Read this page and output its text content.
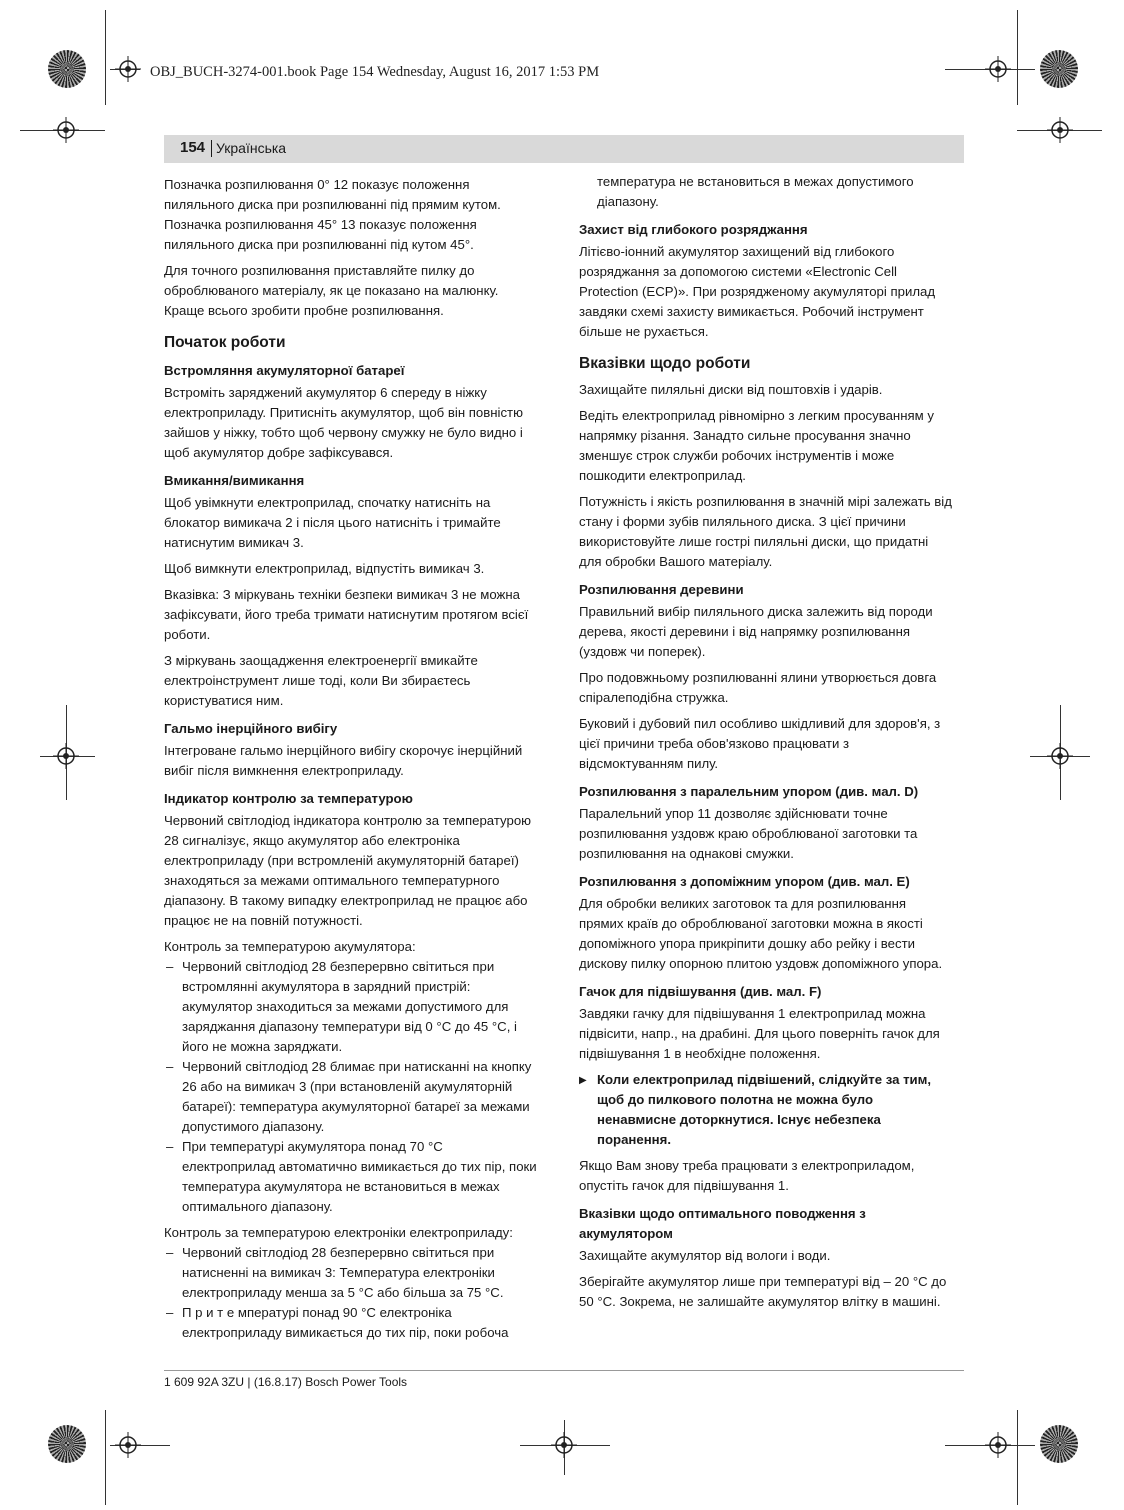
OBJ_BUCH-3274-001.book Page 154 Wednesday, August 16, 2017 1:53 PM
154 Українська

Позначка розпилювання 0° 12 показує положення пиляльного диска при розпилюванні під прямим кутом. Позначка розпилювання 45° 13 показує положення пиляльного диска при розпилюванні під кутом 45°.

Для точного розпилювання приставляйте пилку до оброблюваного матеріалу, як це показано на малюнку. Краще всього зробити пробне розпилювання.

Початок роботи
Встромляння акумуляторної батареї

Встроміть заряджений акумулятор 6 спереду в ніжку електроприладу. Притисніть акумулятор, щоб він повністю зайшов у ніжку, тобто щоб червону смужку не було видно і щоб акумулятор добре зафіксувався.

Вмикання/вимикання

Щоб увімкнути електроприлад, спочатку натисніть на блокатор вимикача 2 і після цього натисніть і тримайте натиснутим вимикач 3.

Щоб вимкнути електроприлад, відпустіть вимикач 3.

Вказівка: З міркувань техніки безпеки вимикач 3 не можна зафіксувати, його треба тримати натиснутим протягом всієї роботи.

З міркувань заощадження електроенергії вмикайте електроінструмент лише тоді, коли Ви збираєтесь користуватися ним.

Гальмо інерційного вибігу

Інтегроване гальмо інерційного вибігу скорочує інерційний вибіг після вимкнення електроприладу.

Індикатор контролю за температурою

Червоний світлодіод індикатора контролю за температурою 28 сигналізує, якщо акумулятор або електроніка електроприладу (при встромленій акумуляторній батареї) знаходяться за межами оптимального температурного діапазону. В такому випадку електроприлад не працює або працює не на повній потужності.

Контроль за температурою акумулятора:

– Червоний світлодіод 28 безперервно світиться при встромлянні акумулятора в зарядний пристрій: акумулятор знаходиться за межами допустимого для заряджання діапазону температури від 0 °C до 45 °C, і його не можна заряджати.
– Червоний світлодіод 28 блимає при натисканні на кнопку 26 або на вимикач 3 (при встановленій акумуляторній батареї): температура акумуляторної батареї за межами допустимого діапазону.
– При температурі акумулятора понад 70 °C електроприлад автоматично вимикається до тих пір, поки температура акумулятора не встановиться в межах оптимального діапазону.

Контроль за температурою електроніки електроприладу:

– Червоний світлодіод 28 безперервно світиться при натисненні на вимикач 3: Температура електроніки електроприладу менша за 5 °C або більша за 75 °C.
– П р и т е мпературі понад 90 °C електроніка електроприладу вимикається до тих пір, поки робоча

температура не встановиться в межах допустимого діапазону.

Захист від глибокого розряджання

Літієво-іонний акумулятор захищений від глибокого розряджання за допомогою системи «Electronic Cell Protection (ECP)». При розрядженому акумуляторі прилад завдяки схемі захисту вимикається. Робочий інструмент більше не рухається.

Вказівки щодо роботи

Захищайте пиляльні диски від поштовхів і ударів.

Ведіть електроприлад рівномірно з легким просуванням у напрямку різання. Занадто сильне просування значно зменшує строк служби робочих інструментів і може пошкодити електроприлад.

Потужність і якість розпилювання в значній мірі залежать від стану і форми зубів пиляльного диска. З цієї причини використовуйте лише гострі пиляльні диски, що придатні для обробки Вашого матеріалу.

Розпилювання деревини

Правильний вибір пиляльного диска залежить від породи дерева, якості деревини і від напрямку розпилювання (уздовж чи поперек).

Про подовжньому розпилюванні ялини утворюється довга спіралеподібна стружка.

Буковий і дубовий пил особливо шкідливий для здоров'я, з цієї причини треба обов'язково працювати з відсмоктуванням пилу.

Розпилювання з паралельним упором (див. мал. D)

Паралельний упор 11 дозволяє здійснювати точне розпилювання уздовж краю оброблюваної заготовки та розпилювання на однакові смужки.

Розпилювання з допоміжним упором (див. мал. E)

Для обробки великих заготовок та для розпилювання прямих країв до оброблюваної заготовки можна в якості допоміжного упора прикріпити дошку або рейку і вести дискову пилку опорною плитою уздовж допоміжного упора.

Гачок для підвішування (див. мал. F)

Завдяки гачку для підвішування 1 електроприлад можна підвісити, напр., на драбині. Для цього поверніть гачок для підвішування 1 в необхідне положення.

▶ Коли електроприлад підвішений, слідкуйте за тим, щоб до пилкового полотна не можна було ненавмисне доторкнутися. Існує небезпека поранення.

Якщо Вам знову треба працювати з електроприладом, опустіть гачок для підвішування 1.

Вказівки щодо оптимального поводження з акумулятором

Захищайте акумулятор від вологи і води.

Зберігайте акумулятор лише при температурі від – 20 °C до 50 °C. Зокрема, не залишайте акумулятор влітку в машині.

1 609 92A 3ZU | (16.8.17) Bosch Power Tools
